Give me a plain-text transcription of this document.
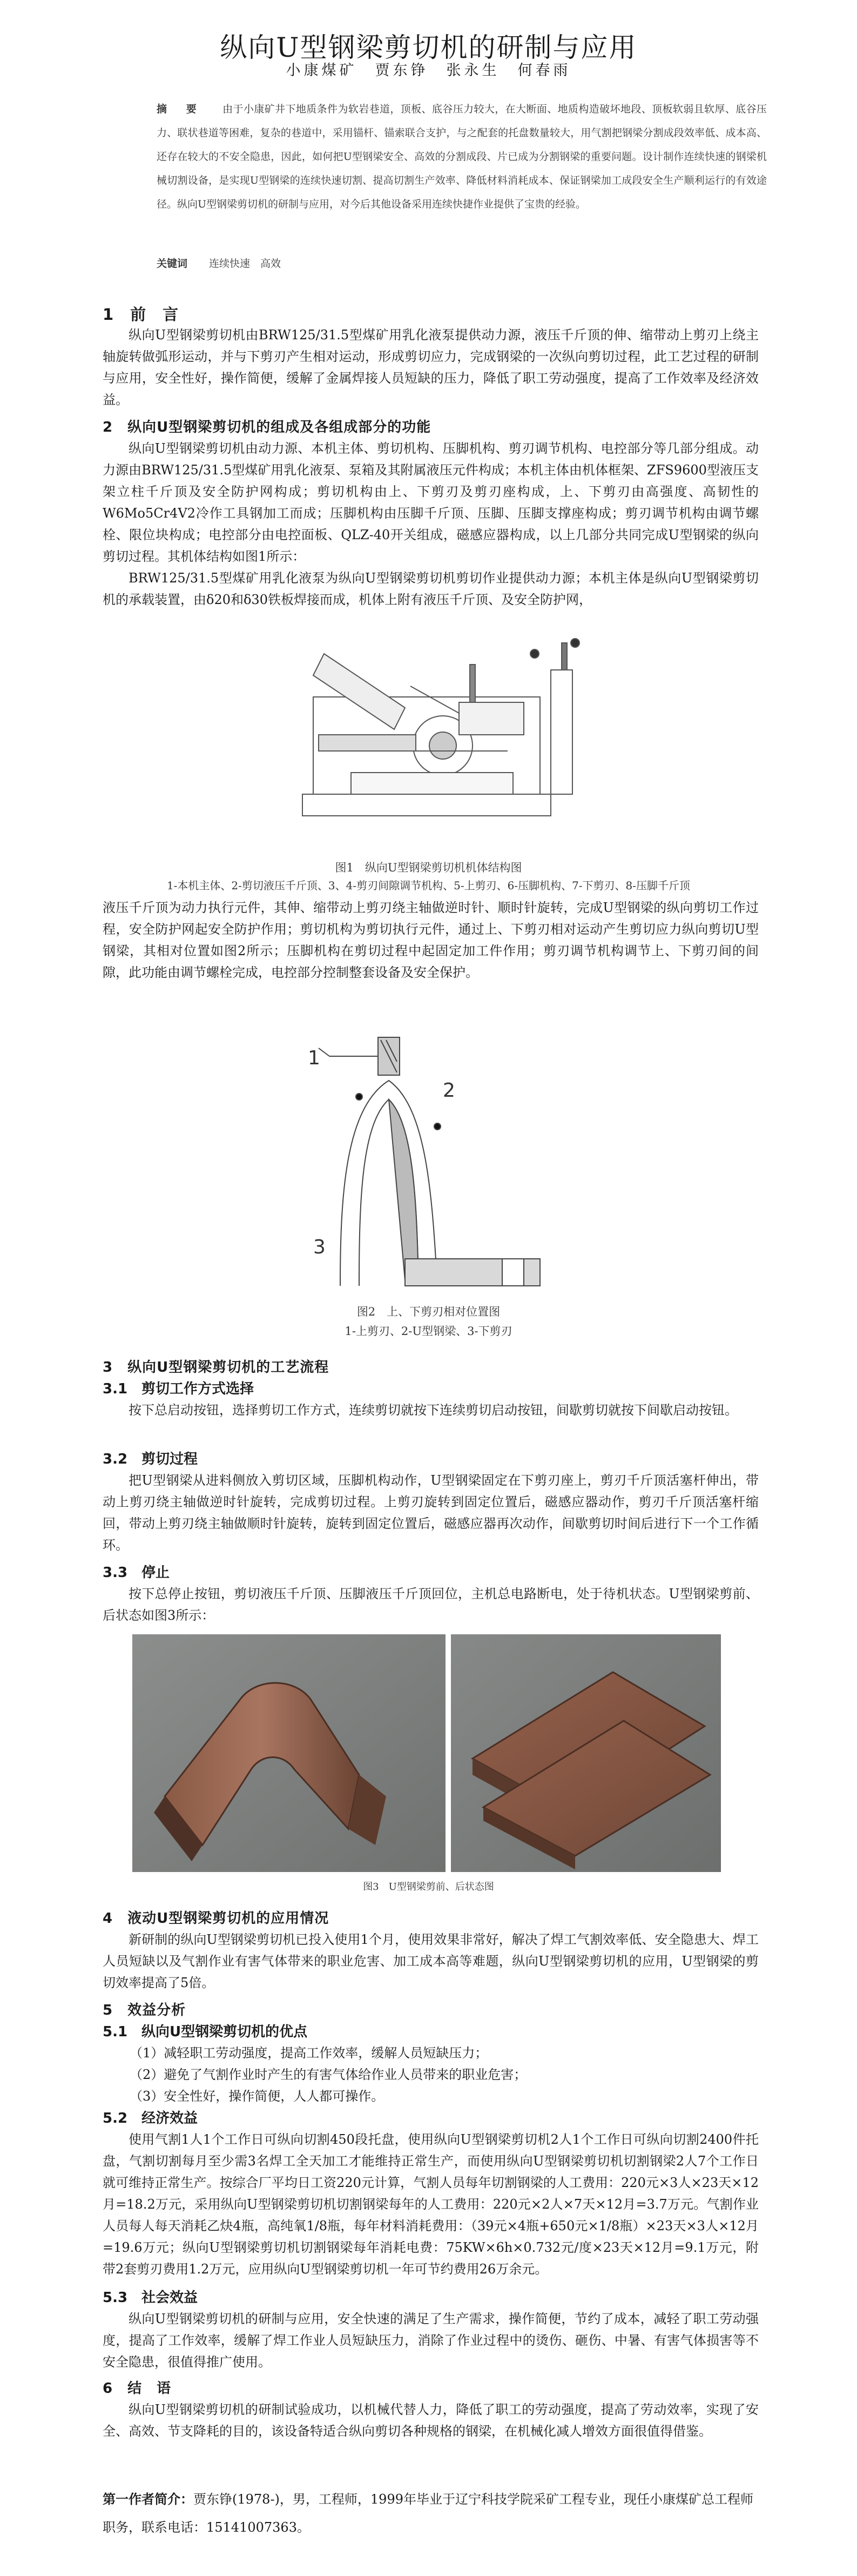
纵向U型钢梁剪切机的研制与应用
小康煤矿　贾东铮　张永生　何春雨
摘　要 由于小康矿井下地质条件为软岩巷道，顶板、底谷压力较大，在大断面、地质构造破坏地段、顶板软弱且软厚、底谷压力、联状巷道等困难，复杂的巷道中，采用锚杆、锚索联合支护，与之配套的托盘数量较大，用气割把钢梁分割成段效率低、成本高、还存在较大的不安全隐患，因此，如何把U型钢梁安全、高效的分割成段、片已成为分割钢梁的重要问题。设计制作连续快速的钢梁机械切割设备，是实现U型钢梁的连续快速切割、提高切割生产效率、降低材料消耗成本、保证钢梁加工成段安全生产顺利运行的有效途径。纵向U型钢梁剪切机的研制与应用，对今后其他设备采用连续快捷作业提供了宝贵的经验。
关键词 连续快速　高效
1　前　言
纵向U型钢梁剪切机由BRW125/31.5型煤矿用乳化液泵提供动力源，液压千斤顶的伸、缩带动上剪刃上绕主轴旋转做弧形运动，并与下剪刃产生相对运动，形成剪切应力，完成钢梁的一次纵向剪切过程，此工艺过程的研制与应用，安全性好，操作简便，缓解了金属焊接人员短缺的压力，降低了职工劳动强度，提高了工作效率及经济效益。
2　纵向U型钢梁剪切机的组成及各组成部分的功能
纵向U型钢梁剪切机由动力源、本机主体、剪切机构、压脚机构、剪刃调节机构、电控部分等几部分组成。动力源由BRW125/31.5型煤矿用乳化液泵、泵箱及其附属液压元件构成；本机主体由机体框架、ZFS9600型液压支架立柱千斤顶及安全防护网构成；剪切机构由上、下剪刃及剪刃座构成，上、下剪刃由高强度、高韧性的W6Mo5Cr4V2冷作工具钢加工而成；压脚机构由压脚千斤顶、压脚、压脚支撑座构成；剪刃调节机构由调节螺栓、限位块构成；电控部分由电控面板、QLZ-40开关组成，磁感应器构成，以上几部分共同完成U型钢梁的纵向剪切过程。其机体结构如图1所示：
BRW125/31.5型煤矿用乳化液泵为纵向U型钢梁剪切机剪切作业提供动力源；本机主体是纵向U型钢梁剪切机的承载装置，由δ20和δ30铁板焊接而成，机体上附有液压千斤顶、及安全防护网，
图1　纵向U型钢梁剪切机机体结构图
1-本机主体、2-剪切液压千斤顶、3、4-剪刃间隙调节机构、5-上剪刃、6-压脚机构、7-下剪刃、8-压脚千斤顶
液压千斤顶为动力执行元件，其伸、缩带动上剪刃绕主轴做逆时针、顺时针旋转，完成U型钢梁的纵向剪切工作过程，安全防护网起安全防护作用；剪切机构为剪切执行元件，通过上、下剪刃相对运动产生剪切应力纵向剪切U型钢梁，其相对位置如图2所示；压脚机构在剪切过程中起固定加工件作用；剪刃调节机构调节上、下剪刃间的间隙，此功能由调节螺栓完成，电控部分控制整套设备及安全保护。
1
2
3
图2　上、下剪刃相对位置图
1-上剪刃、2-U型钢梁、3-下剪刃
3　纵向U型钢梁剪切机的工艺流程
3.1　剪切工作方式选择
按下总启动按钮，选择剪切工作方式，连续剪切就按下连续剪切启动按钮，间歇剪切就按下间歇启动按钮。
3.2　剪切过程
把U型钢梁从进料侧放入剪切区域，压脚机构动作，U型钢梁固定在下剪刃座上，剪刃千斤顶活塞杆伸出，带动上剪刃绕主轴做逆时针旋转，完成剪切过程。上剪刃旋转到固定位置后，磁感应器动作，剪刃千斤顶活塞杆缩回，带动上剪刃绕主轴做顺时针旋转，旋转到固定位置后，磁感应器再次动作，间歇剪切时间后进行下一个工作循环。
3.3　停止
按下总停止按钮，剪切液压千斤顶、压脚液压千斤顶回位，主机总电路断电，处于待机状态。U型钢梁剪前、后状态如图3所示：
图3　U型钢梁剪前、后状态图
4　液动U型钢梁剪切机的应用情况
新研制的纵向U型钢梁剪切机已投入使用1个月，使用效果非常好，解决了焊工气割效率低、安全隐患大、焊工人员短缺以及气割作业有害气体带来的职业危害、加工成本高等难题，纵向U型钢梁剪切机的应用，U型钢梁的剪切效率提高了5倍。
5　效益分析
5.1　纵向U型钢梁剪切机的优点
（1）减轻职工劳动强度，提高工作效率，缓解人员短缺压力；
（2）避免了气割作业时产生的有害气体给作业人员带来的职业危害；
（3）安全性好，操作简便，人人都可操作。
5.2　经济效益
使用气割1人1个工作日可纵向切割450段托盘，使用纵向U型钢梁剪切机2人1个工作日可纵向切割2400件托盘，气割切割每月至少需3名焊工全天加工才能维持正常生产，而使用纵向U型钢梁剪切机切割钢梁2人7个工作日就可维持正常生产。按综合厂平均日工资220元计算，气割人员每年切割钢梁的人工费用：220元×3人×23天×12月=18.2万元，采用纵向U型钢梁剪切机切割钢梁每年的人工费用：220元×2人×7天×12月=3.7万元。气割作业人员每人每天消耗乙炔4瓶，高纯氧1/8瓶，每年材料消耗费用：（39元×4瓶+650元×1/8瓶）×23天×3人×12月=19.6万元；纵向U型钢梁剪切机切割钢梁每年消耗电费：75KW×6h×0.732元/度×23天×12月=9.1万元，附带2套剪刃费用1.2万元，应用纵向U型钢梁剪切机一年可节约费用26万余元。
5.3　社会效益
纵向U型钢梁剪切机的研制与应用，安全快速的满足了生产需求，操作简便，节约了成本，减轻了职工劳动强度，提高了工作效率，缓解了焊工作业人员短缺压力，消除了作业过程中的烫伤、砸伤、中暑、有害气体损害等不安全隐患，很值得推广使用。
6　结　语
纵向U型钢梁剪切机的研制试验成功，以机械代替人力，降低了职工的劳动强度，提高了劳动效率，实现了安全、高效、节支降耗的目的，该设备特适合纵向剪切各种规格的钢梁，在机械化减人增效方面很值得借鉴。
第一作者简介：贾东铮(1978-)，男，工程师，1999年毕业于辽宁科技学院采矿工程专业，现任小康煤矿总工程师职务，联系电话：15141007363。
